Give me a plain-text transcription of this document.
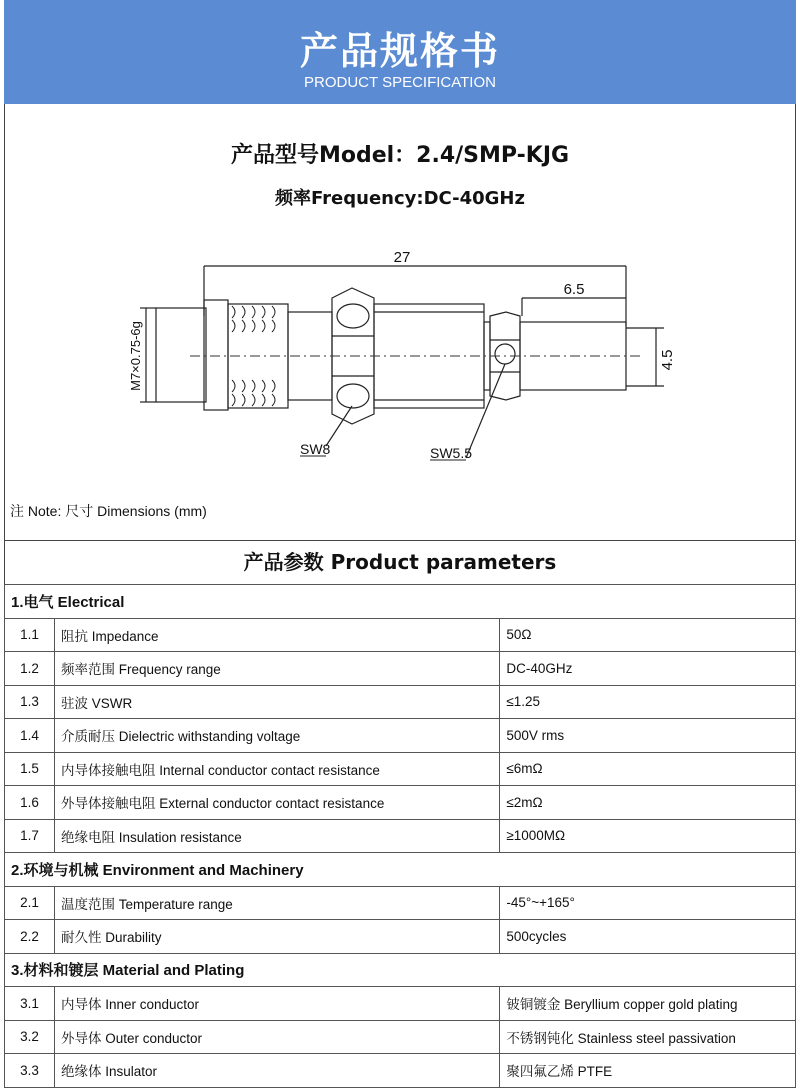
产品规格书
PRODUCT SPECIFICATION
产品型号Model：2.4/SMP-KJG
频率Frequency:DC-40GHz
27
6.5
4.5
M7×0.75-6g
SW8	SW5.5
注 Note: 尺寸 Dimensions (mm)
产品参数 Product parameters
1.电气 Electrical		
1.1	阻抗 Impedance	50Ω
1.2	频率范围 Frequency range	DC-40GHz
1.3	驻波 VSWR	≤1.25
1.4	介质耐压 Dielectric withstanding voltage	500V rms
1.5	内导体接触电阻 Internal conductor contact resistance	≤6mΩ
1.6	外导体接触电阻 External conductor contact resistance	≤2mΩ
1.7	绝缘电阻 Insulation resistance	≥1000MΩ
2.环境与机械 Environment and Machinery		
2.1	温度范围 Temperature range	-45°~+165°
2.2	耐久性 Durability	500cycles
3.材料和镀层 Material and Plating		
3.1	内导体 Inner conductor	铍铜镀金 Beryllium copper gold plating
3.2	外导体 Outer conductor	不锈钢钝化 Stainless steel passivation
3.3	绝缘体 Insulator	聚四氟乙烯 PTFE
